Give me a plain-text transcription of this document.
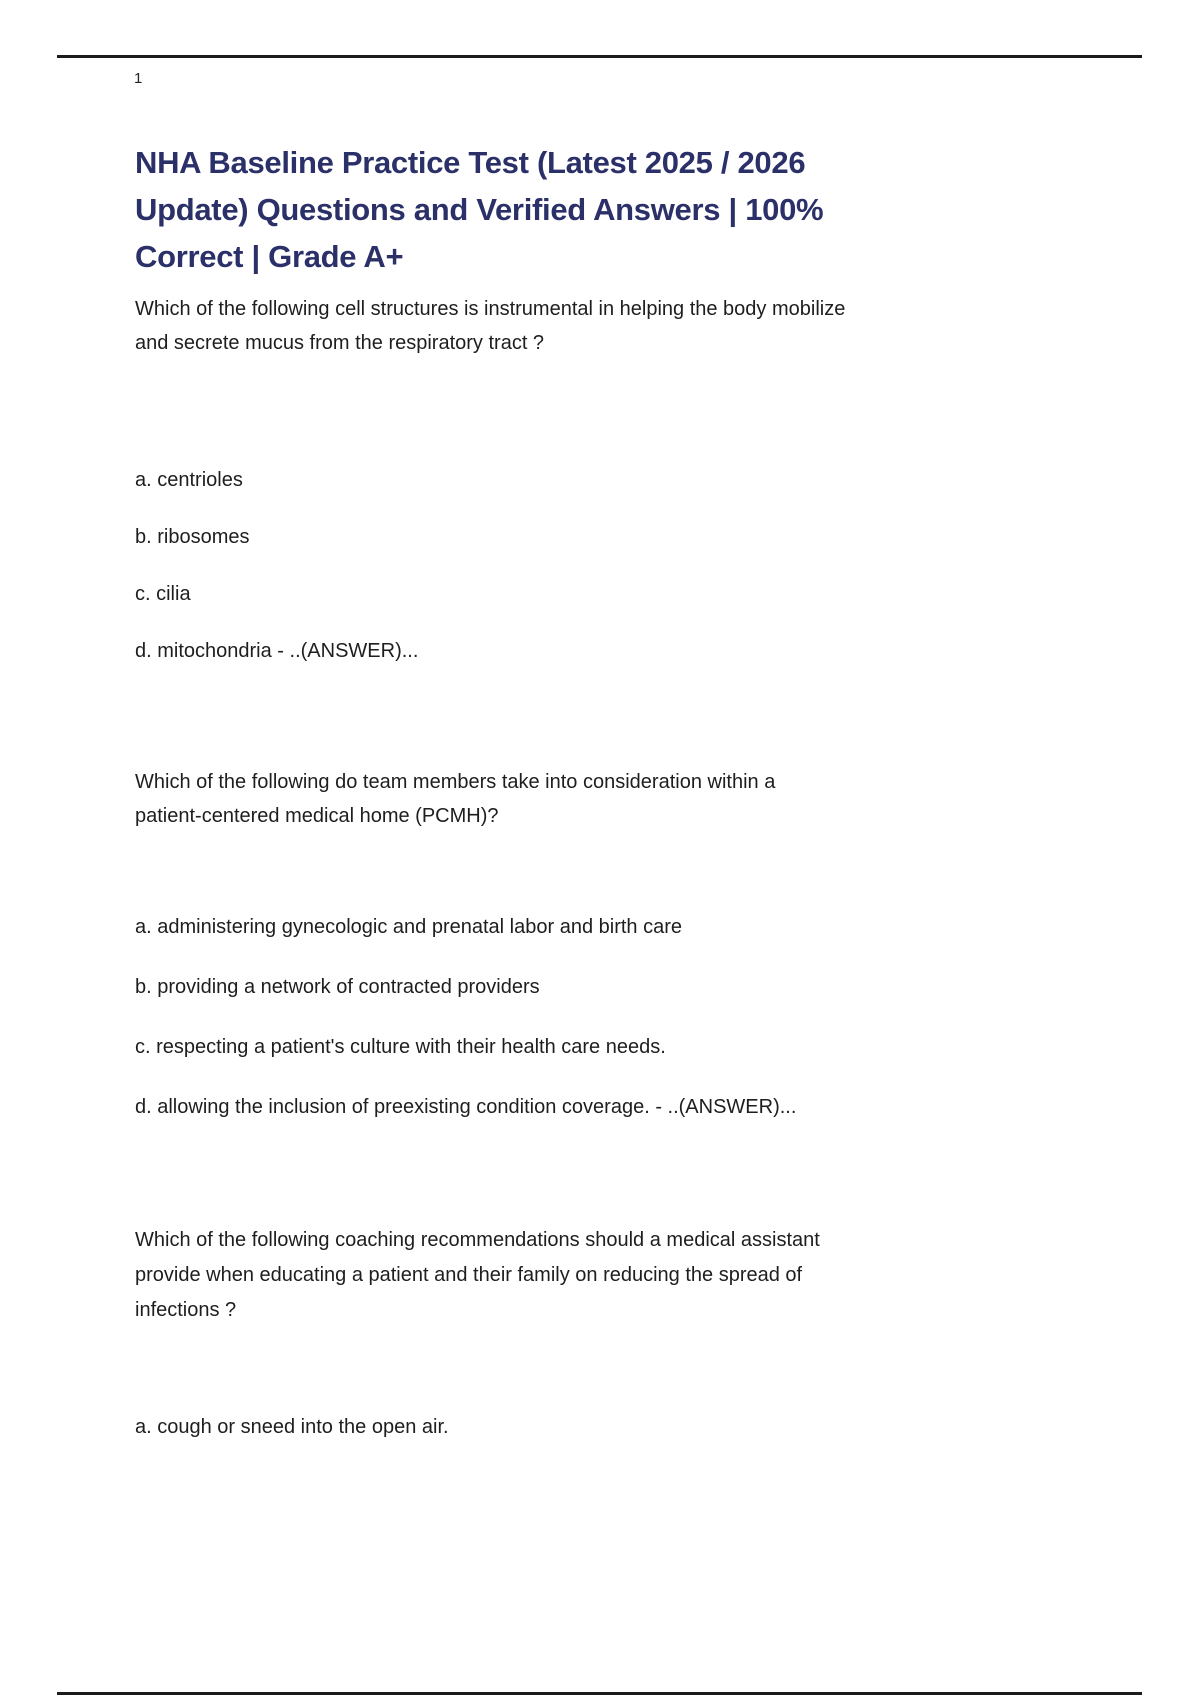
1
NHA Baseline Practice Test (Latest 2025 / 2026
Update) Questions and Verified Answers | 100%
Correct | Grade A+
Which of the following cell structures is instrumental in helping the body mobilize
and secrete mucus from the respiratory tract ?
a. centrioles
b. ribosomes
c. cilia
d. mitochondria - ..(ANSWER)...
Which of the following do team members take into consideration within a
patient-centered medical home (PCMH)?
a. administering gynecologic and prenatal labor and birth care
b. providing a network of contracted providers
c. respecting a patient's culture with their health care needs.
d. allowing the inclusion of preexisting condition coverage. - ..(ANSWER)...
Which of the following coaching recommendations should a medical assistant
provide when educating a patient and their family on reducing the spread of
infections ?
a. cough or sneed into the open air.
